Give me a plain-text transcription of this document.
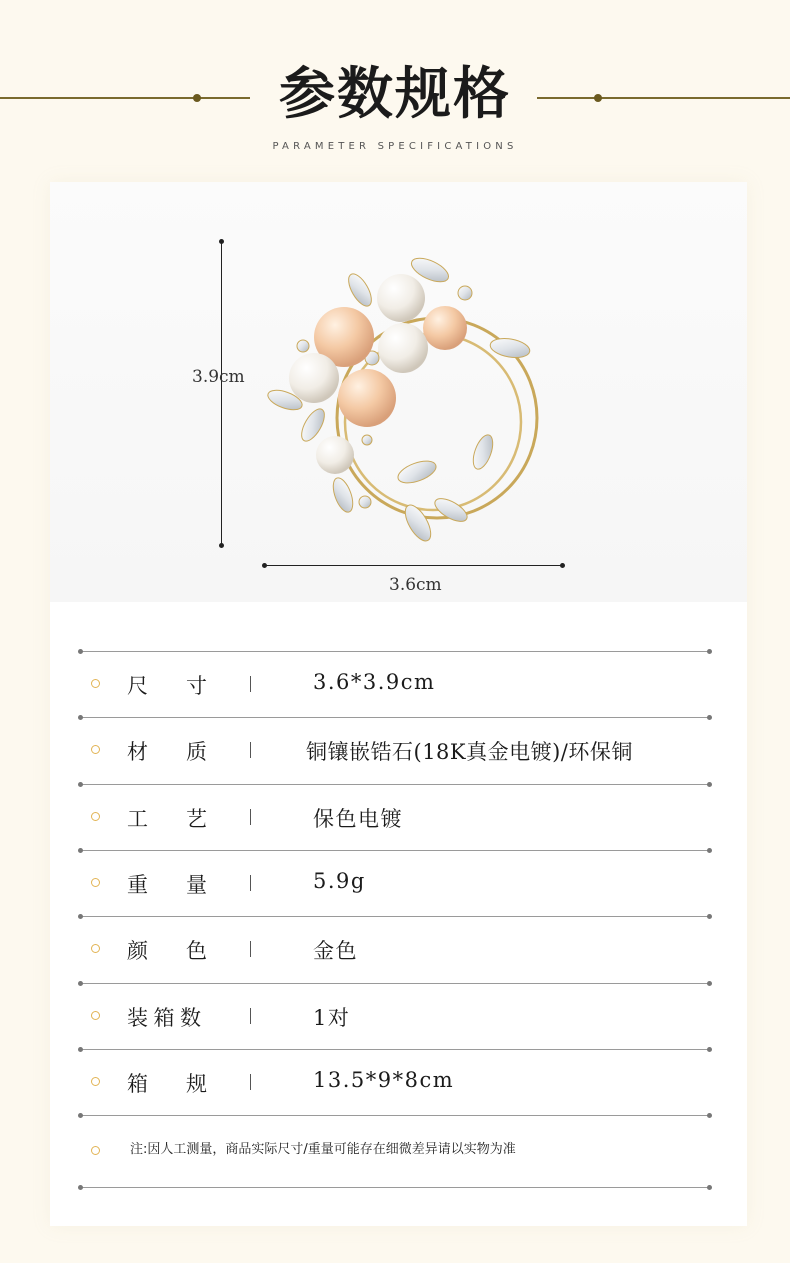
参数规格
PARAMETER SPECIFICATIONS
3.9cm
3.6cm
尺 寸	3.6*3.9cm
材 质	铜镶嵌锆石(18K真金电镀)/环保铜
工 艺	保色电镀
重 量	5.9g
颜 色	金色
装 箱 数	1对
箱 规	13.5*9*8cm
注:因人工测量，商品实际尺寸/重量可能存在细微差异请以实物为准
